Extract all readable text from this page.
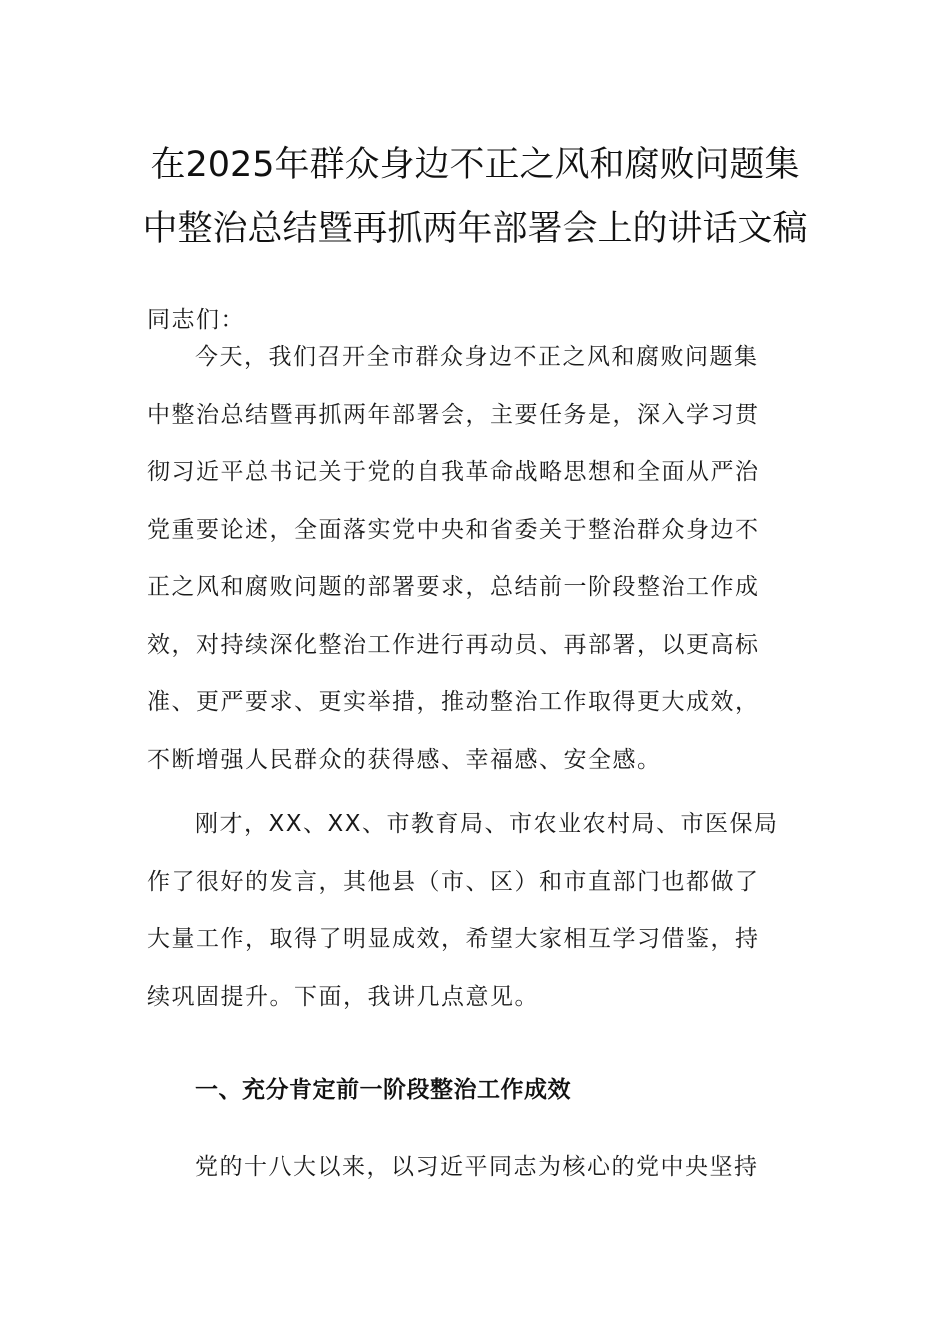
在2025年群众身边不正之风和腐败问题集
中整治总结暨再抓两年部署会上的讲话文稿
同志们：
今天，我们召开全市群众身边不正之风和腐败问题集
中整治总结暨再抓两年部署会，主要任务是，深入学习贯
彻习近平总书记关于党的自我革命战略思想和全面从严治
党重要论述，全面落实党中央和省委关于整治群众身边不
正之风和腐败问题的部署要求，总结前一阶段整治工作成
效，对持续深化整治工作进行再动员、再部署，以更高标
准、更严要求、更实举措，推动整治工作取得更大成效，
不断增强人民群众的获得感、幸福感、安全感。
刚才，XX、XX、市教育局、市农业农村局、市医保局
作了很好的发言，其他县（市、区）和市直部门也都做了
大量工作，取得了明显成效，希望大家相互学习借鉴，持
续巩固提升。下面，我讲几点意见。
一、充分肯定前一阶段整治工作成效
党的十八大以来，以习近平同志为核心的党中央坚持
